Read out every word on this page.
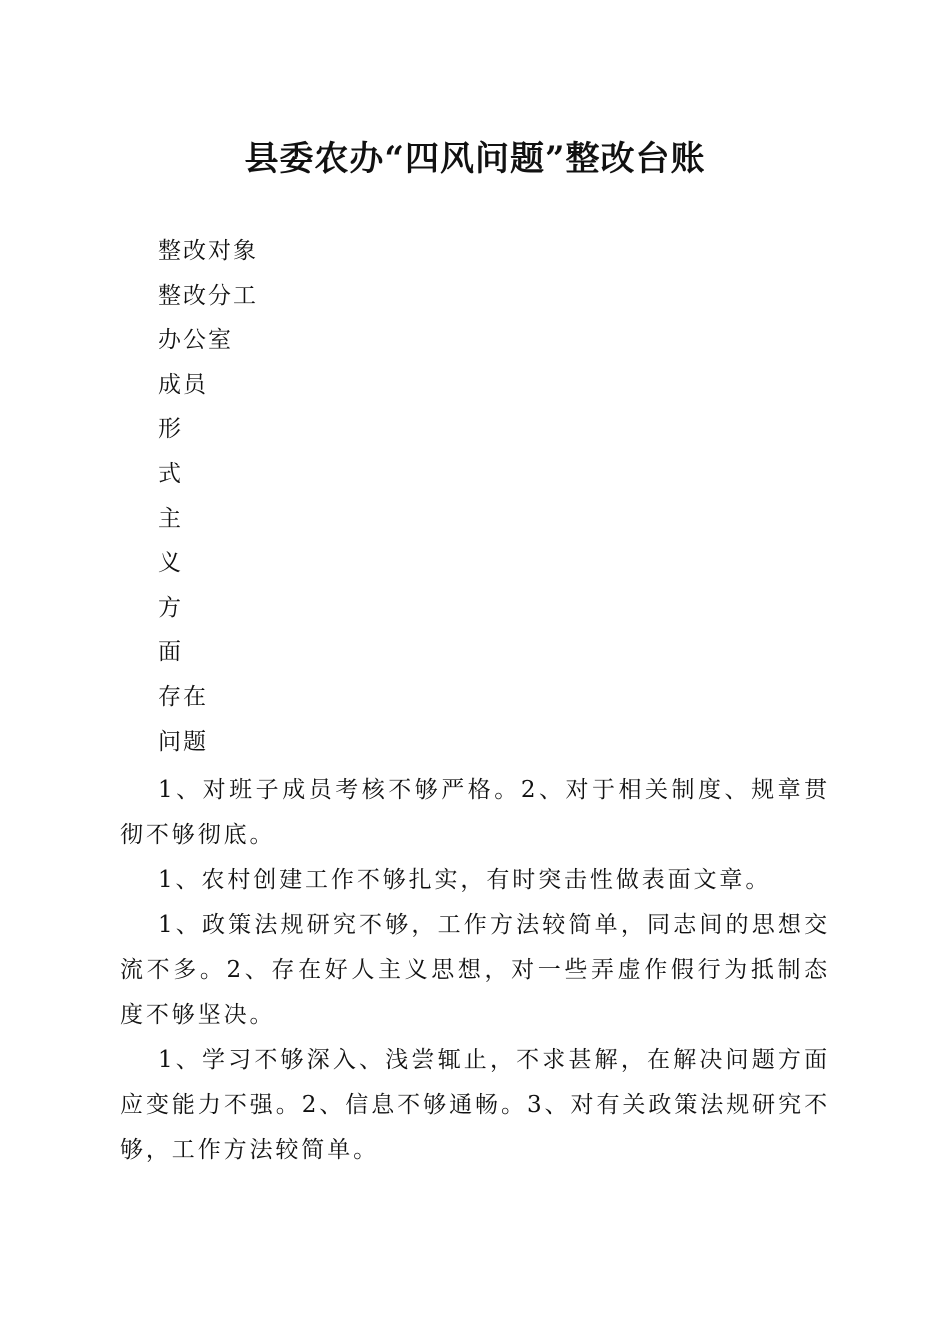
县委农办“四风问题”整改台账
整改对象
整改分工
办公室
成员
形
式
主
义
方
面
存在
问题

1、对班子成员考核不够严格。2、对于相关制度、规章贯彻不够彻底。

1、农村创建工作不够扎实，有时突击性做表面文章。

1、政策法规研究不够，工作方法较简单，同志间的思想交流不多。2、存在好人主义思想，对一些弄虚作假行为抵制态度不够坚决。

1、学习不够深入、浅尝辄止，不求甚解，在解决问题方面应变能力不强。2、信息不够通畅。3、对有关政策法规研究不够，工作方法较简单。
